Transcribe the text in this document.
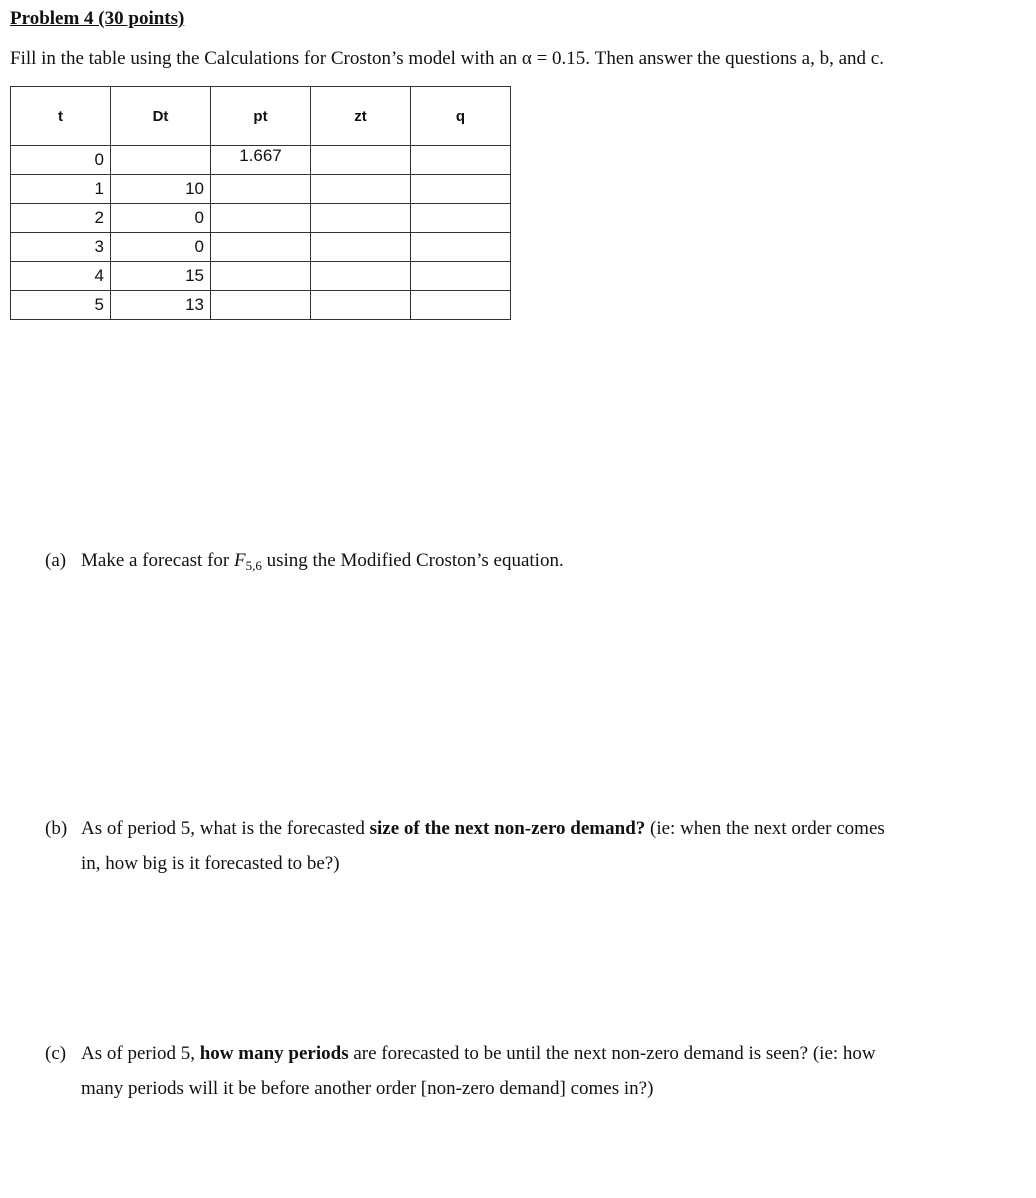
Problem 4 (30 points)
Fill in the table using the Calculations for Croston’s model with an α = 0.15. Then answer the questions a, b, and c.
t	Dt	pt	zt	q
0		1.667		
1	10			
2	0			
3	0			
4	15			
5	13			
(a) Make a forecast for $F_{5,6}$ using the Modified Croston’s equation.
(b) As of period 5, what is the forecasted size of the next non-zero demand? (ie: when the next order comes
in, how big is it forecasted to be?)
(c) As of period 5, how many periods are forecasted to be until the next non-zero demand is seen? (ie: how
many periods will it be before another order [non-zero demand] comes in?)
